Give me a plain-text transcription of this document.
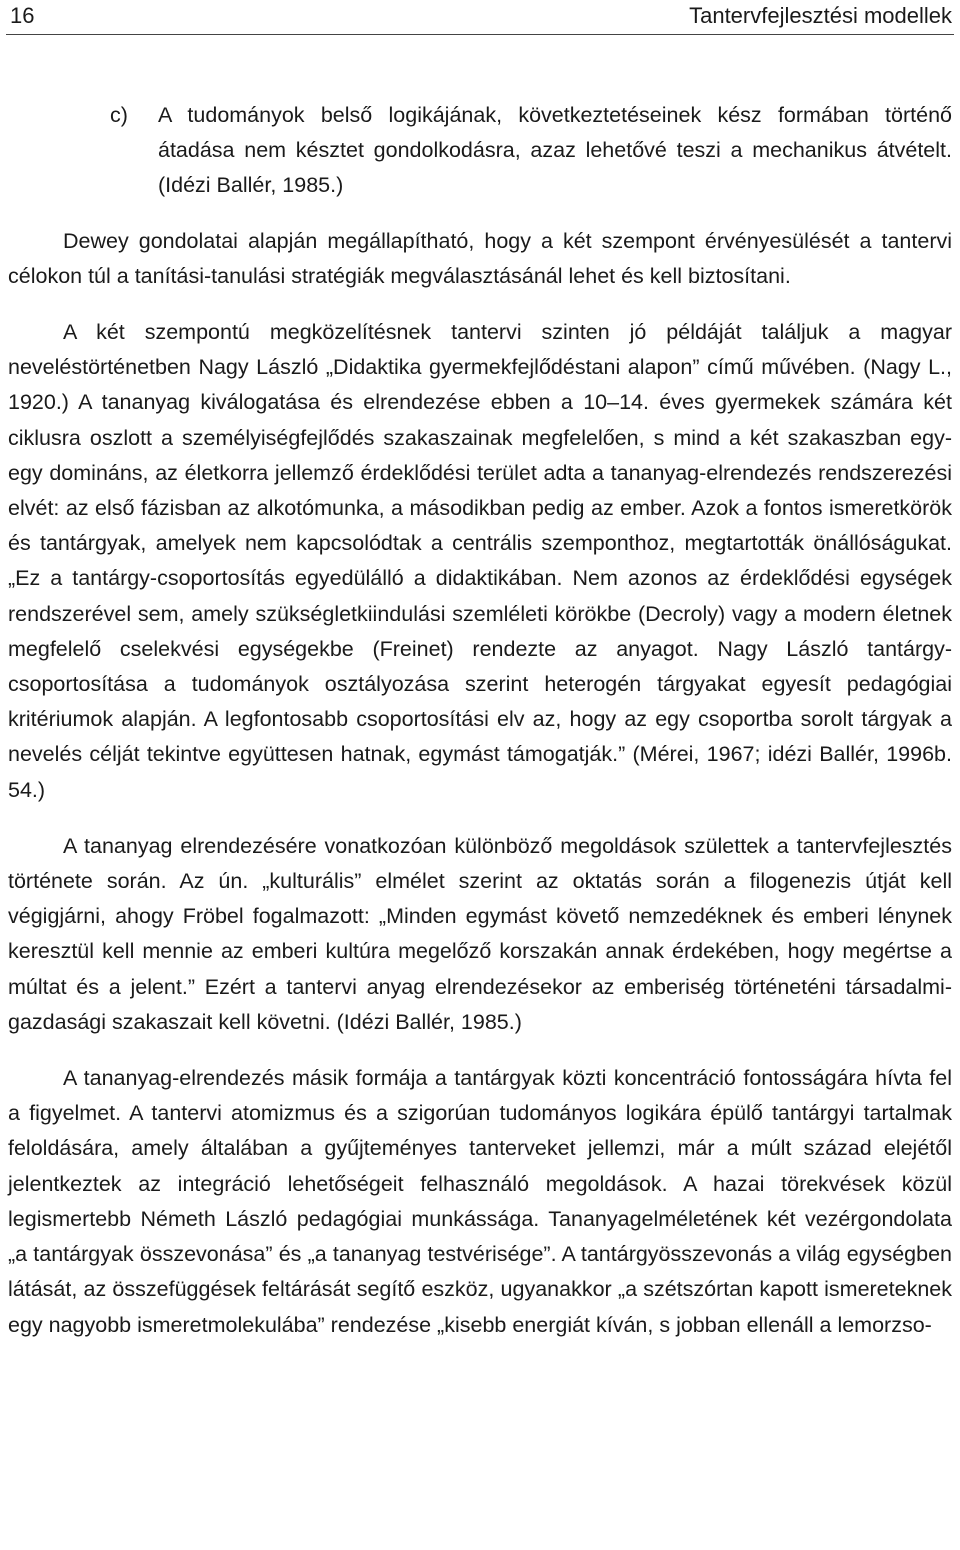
16	Tantervfejlesztési modellek

c) A tudományok belső logikájának, következtetéseinek kész formában történő átadása nem késztet gondolkodásra, azaz lehetővé teszi a mechanikus átvételt. (Idézi Ballér, 1985.)

Dewey gondolatai alapján megállapítható, hogy a két szempont érvényesülését a tantervi célokon túl a tanítási-tanulási stratégiák megválasztásánál lehet és kell biztosítani.

A két szempontú megközelítésnek tantervi szinten jó példáját találjuk a magyar neveléstörténetben Nagy László „Didaktika gyermekfejlődéstani alapon” című művében. (Nagy L., 1920.) A tananyag kiválogatása és elrendezése ebben a 10‒14. éves gyermekek számára két ciklusra oszlott a személyiségfejlődés szakaszainak megfelelően, s mind a két szakaszban egy-egy domináns, az életkorra jellemző érdeklődési terület adta a tananyag-elrendezés rendszerezési elvét: az első fázisban az alkotómunka, a másodikban pedig az ember. Azok a fontos ismeretkörök és tantárgyak, amelyek nem kapcsolódtak a centrális szemponthoz, megtartották önállóságukat. „Ez a tantárgy-csoportosítás egyedülálló a didaktikában. Nem azonos az érdeklődési egységek rendszerével sem, amely szükségletkiindulási szemléleti körökbe (Decroly) vagy a modern életnek megfelelő cselekvési egységekbe (Freinet) rendezte az anyagot. Nagy László tantárgy-csoportosítása a tudományok osztályozása szerint heterogén tárgyakat egyesít pedagógiai kritériumok alapján. A legfontosabb csoportosítási elv az, hogy az egy csoportba sorolt tárgyak a nevelés célját tekintve együttesen hatnak, egymást támogatják.” (Mérei, 1967; idézi Ballér, 1996b. 54.)

A tananyag elrendezésére vonatkozóan különböző megoldások születtek a tantervfejlesztés története során. Az ún. „kulturális” elmélet szerint az oktatás során a filogenezis útját kell végigjárni, ahogy Fröbel fogalmazott: „Minden egymást követő nemzedéknek és emberi lénynek keresztül kell mennie az emberi kultúra megelőző korszakán annak érdekében, hogy megértse a múltat és a jelent.” Ezért a tantervi anyag elrendezésekor az emberiség történeténi társadalmi-gazdasági szakaszait kell követni. (Idézi Ballér, 1985.)

A tananyag-elrendezés másik formája a tantárgyak közti koncentráció fontosságára hívta fel a figyelmet. A tantervi atomizmus és a szigorúan tudományos logikára épülő tantárgyi tartalmak feloldására, amely általában a gyűjteményes tanterveket jellemzi, már a múlt század elejétől jelentkeztek az integráció lehetőségeit felhasználó megoldások. A hazai törekvések közül legismertebb Németh László pedagógiai munkássága. Tananyagelméletének két vezérgondolata „a tantárgyak összevonása” és „a tananyag testvérisége”. A tantárgyösszevonás a világ egységben látását, az összefüggések feltárását segítő eszköz, ugyanakkor „a szétszórtan kapott ismereteknek egy nagyobb ismeretmolekulába” rendezése „kisebb energiát kíván, s jobban ellenáll a lemorzso-
